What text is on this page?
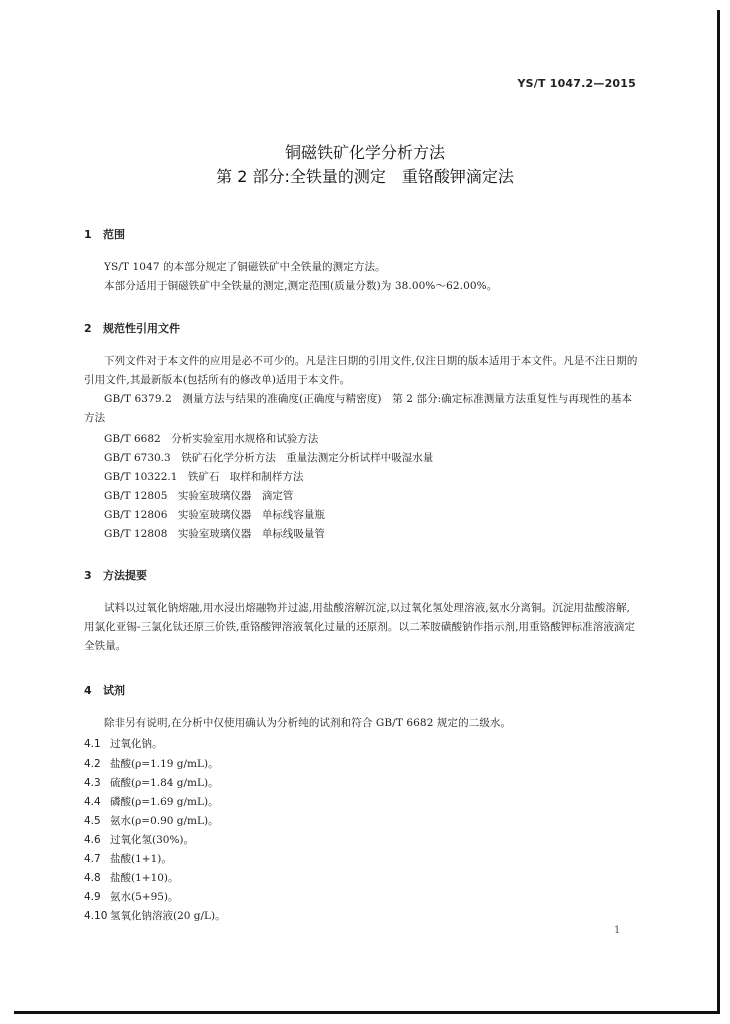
YS/T 1047.2—2015
铜磁铁矿化学分析方法
第 2 部分:全铁量的测定　重铬酸钾滴定法
1 范围
YS/T 1047 的本部分规定了铜磁铁矿中全铁量的测定方法。
本部分适用于铜磁铁矿中全铁量的测定,测定范围(质量分数)为 38.00%～62.00%。
2 规范性引用文件
下列文件对于本文件的应用是必不可少的。凡是注日期的引用文件,仅注日期的版本适用于本文件。凡是不注日期的引用文件,其最新版本(包括所有的修改单)适用于本文件。
GB/T 6379.2　测量方法与结果的准确度(正确度与精密度)　第 2 部分:确定标准测量方法重复性与再现性的基本方法
GB/T 6682　分析实验室用水规格和试验方法
GB/T 6730.3　铁矿石化学分析方法　重量法测定分析试样中吸湿水量
GB/T 10322.1　铁矿石　取样和制样方法
GB/T 12805　实验室玻璃仪器　滴定管
GB/T 12806　实验室玻璃仪器　单标线容量瓶
GB/T 12808　实验室玻璃仪器　单标线吸量管
3 方法提要
试料以过氧化钠熔融,用水浸出熔融物并过滤,用盐酸溶解沉淀,以过氧化氢处理溶液,氨水分离铜。沉淀用盐酸溶解,用氯化亚锡-三氯化钛还原三价铁,重铬酸钾溶液氧化过量的还原剂。以二苯胺磺酸钠作指示剂,用重铬酸钾标准溶液滴定全铁量。
4 试剂
除非另有说明,在分析中仅使用确认为分析纯的试剂和符合 GB/T 6682 规定的二级水。
4.1 过氧化钠。
4.2 盐酸(ρ=1.19 g/mL)。
4.3 硫酸(ρ=1.84 g/mL)。
4.4 磷酸(ρ=1.69 g/mL)。
4.5 氨水(ρ=0.90 g/mL)。
4.6 过氧化氢(30%)。
4.7 盐酸(1+1)。
4.8 盐酸(1+10)。
4.9 氨水(5+95)。
4.10 氢氧化钠溶液(20 g/L)。
1
